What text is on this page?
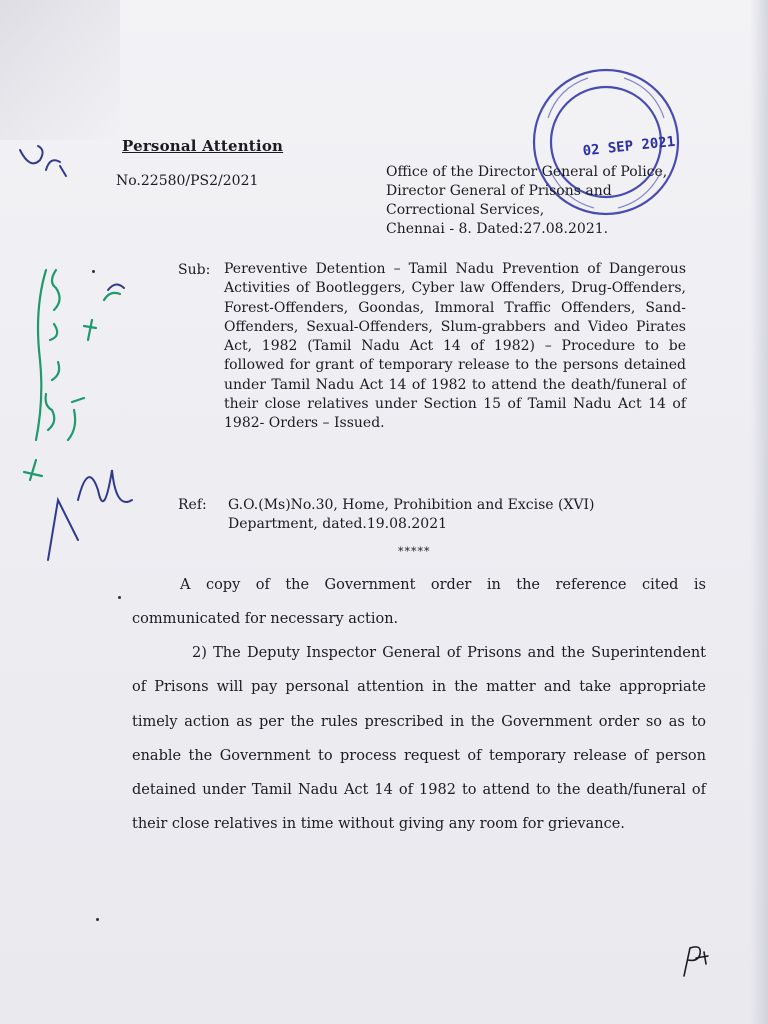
02 SEP 2021
Personal Attention
No.22580/PS2/2021
Office of the Director General of Police,
Director General of Prisons and
Correctional Services,
Chennai - 8. Dated:27.08.2021.
Sub: Pereventive Detention – Tamil Nadu Prevention of Dangerous Activities of Bootleggers, Cyber law Offenders, Drug-Offenders, Forest-Offenders, Goondas, Immoral Traffic Offenders, Sand-Offenders, Sexual-Offenders, Slum-grabbers and Video Pirates Act, 1982 (Tamil Nadu Act 14 of 1982) – Procedure to be followed for grant of temporary release to the persons detained under Tamil Nadu Act 14 of 1982 to attend the death/funeral of their close relatives under Section 15 of Tamil Nadu Act 14 of 1982- Orders – Issued.
Ref: G.O.(Ms)No.30, Home, Prohibition and Excise (XVI)
Department, dated.19.08.2021
*****
A copy of the Government order in the reference cited is communicated for necessary action.
2) The Deputy Inspector General of Prisons and the Superintendent of Prisons will pay personal attention in the matter and take appropriate timely action as per the rules prescribed in the Government order so as to enable the Government to process request of temporary release of person detained under Tamil Nadu Act 14 of 1982 to attend to the death/funeral of their close relatives in time without giving any room for grievance.
